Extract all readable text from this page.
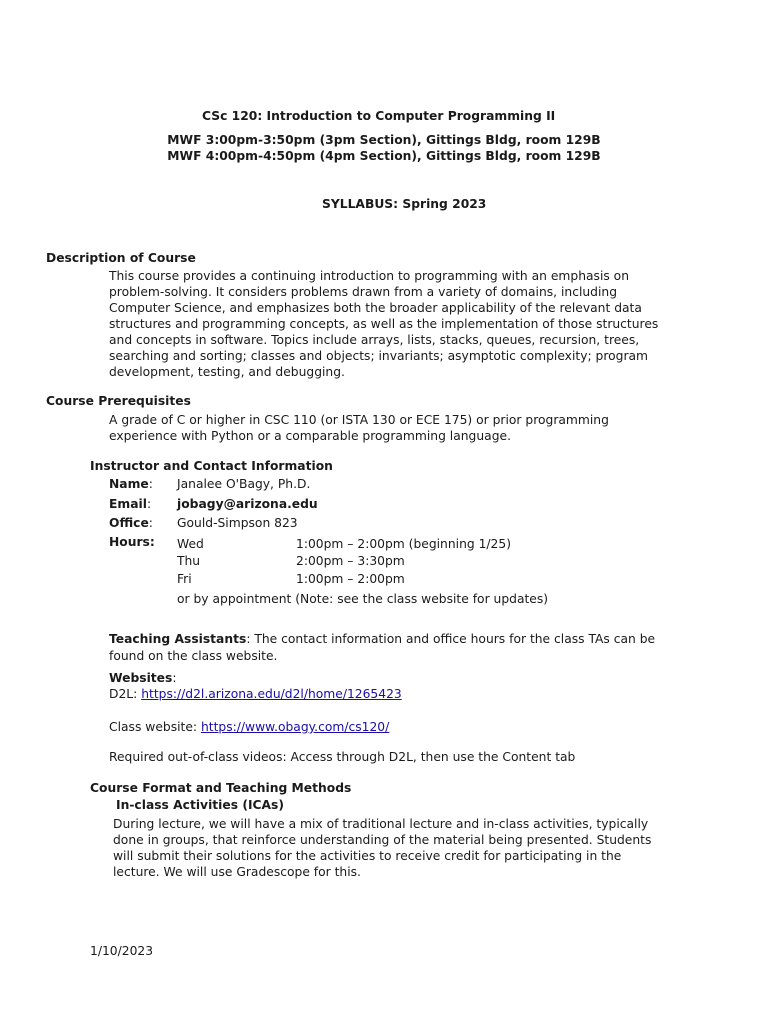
CSc 120: Introduction to Computer Programming II
MWF 3:00pm-3:50pm (3pm Section), Gittings Bldg, room 129B
MWF 4:00pm-4:50pm (4pm Section), Gittings Bldg, room 129B
SYLLABUS: Spring 2023
Description of Course
This course provides a continuing introduction to programming with an emphasis on
problem-solving. It considers problems drawn from a variety of domains, including
Computer Science, and emphasizes both the broader applicability of the relevant data
structures and programming concepts, as well as the implementation of those structures
and concepts in software. Topics include arrays, lists, stacks, queues, recursion, trees,
searching and sorting; classes and objects; invariants; asymptotic complexity; program
development, testing, and debugging.
Course Prerequisites
A grade of C or higher in CSC 110 (or ISTA 130 or ECE 175) or prior programming
experience with Python or a comparable programming language.
Instructor and Contact Information
Name: Janalee O'Bagy, Ph.D.
Email: jobagy@arizona.edu
Office: Gould-Simpson 823
Hours: Wed	1:00pm – 2:00pm (beginning 1/25)
Thu	2:00pm – 3:30pm
Fri	1:00pm – 2:00pm
or by appointment (Note: see the class website for updates)
Teaching Assistants: The contact information and office hours for the class TAs can be
found on the class website.
Websites:
D2L: https://d2l.arizona.edu/d2l/home/1265423
Class website: https://www.obagy.com/cs120/
Required out-of-class videos: Access through D2L, then use the Content tab
Course Format and Teaching Methods
In-class Activities (ICAs)
During lecture, we will have a mix of traditional lecture and in-class activities, typically
done in groups, that reinforce understanding of the material being presented. Students
will submit their solutions for the activities to receive credit for participating in the
lecture. We will use Gradescope for this.
1/10/2023
